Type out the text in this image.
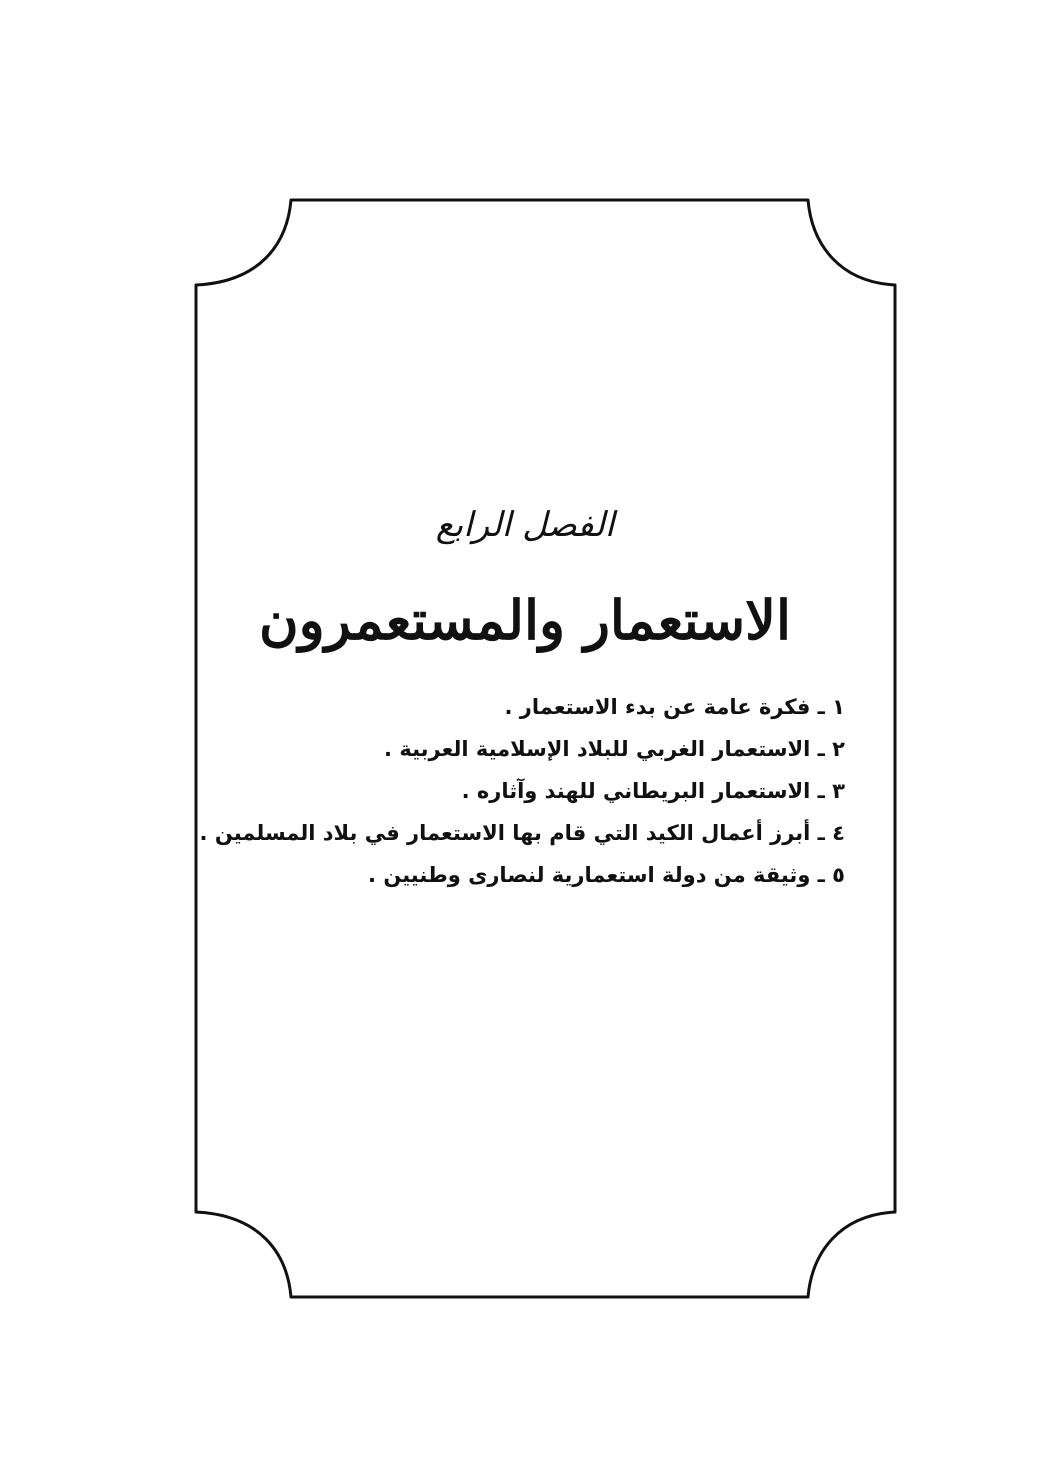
الفصل الرابع
الاستعمار والمستعمرون
١ ـ فكرة عامة عن بدء الاستعمار .
٢ ـ الاستعمار الغربي للبلاد الإسلامية العربية .
٣ ـ الاستعمار البريطاني للهند وآثاره .
٤ ـ أبرز أعمال الكيد التي قام بها الاستعمار في بلاد المسلمين .
٥ ـ وثيقة من دولة استعمارية لنصارى وطنيين .
